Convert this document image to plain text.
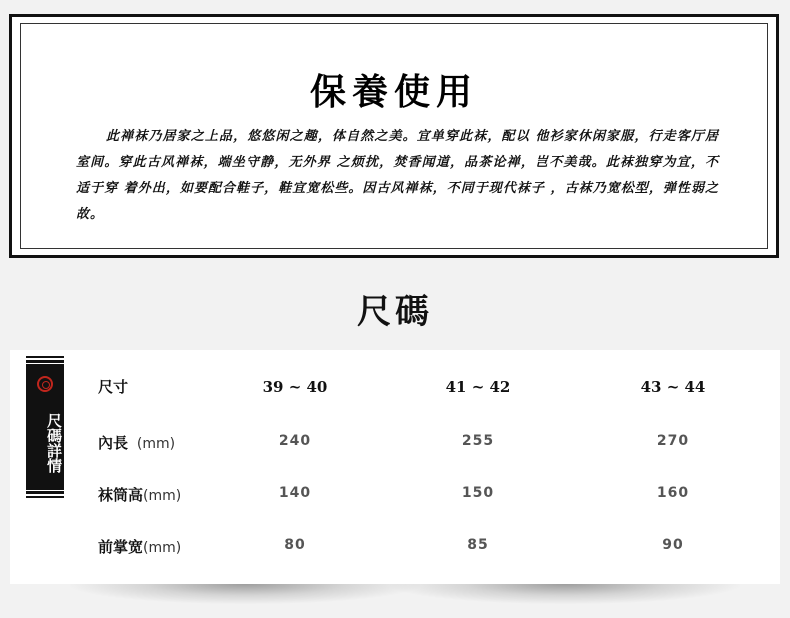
保養使用
此禅袜乃居家之上品，悠悠闲之趣，体自然之美。宜单穿此袜，配以 他衫家休闲家服，行走客厅居室间。穿此古风禅袜，端坐守静，无外界 之烦扰，焚香闻道，品茶论禅，岂不美哉。此袜独穿为宜，不适于穿 着外出，如要配合鞋子，鞋宜宽松些。因古风禅袜，不同于现代袜子 ，古袜乃宽松型，弹性弱之故。
尺碼
尺碼詳情
尺寸	39 ~ 40	41 ~ 42	43 ~ 44
內長  (mm)	240	255	270
袜筒高(mm)	140	150	160
前掌宽(mm)	80	85	90
